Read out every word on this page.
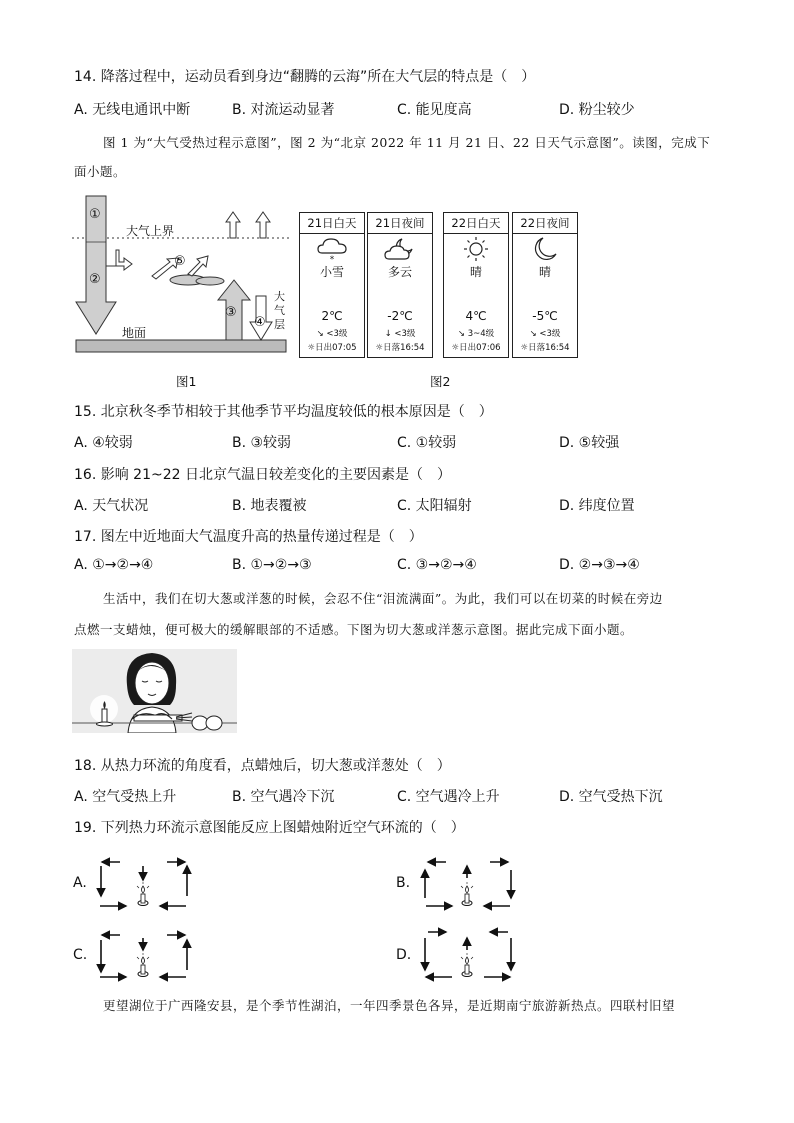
14. 降落过程中，运动员看到身边“翻腾的云海”所在大气层的特点是（　）
A. 无线电通讯中断	B. 对流运动显著	C. 能见度高	D. 粉尘较少
图 1 为“大气受热过程示意图”，图 2 为“北京 2022 年 11 月 21 日、22 日天气示意图”。读图，完成下
面小题。
①
②
③
④
⑤
大气上界
地面
大气层
图1
21日白天
*
小雪
2℃
↘ <3级
☼日出07:05
21日夜间
多云
-2℃
↓ <3级
☼日落16:54
22日白天
晴
4℃
↘ 3~4级
☼日出07:06
22日夜间
晴
-5℃
↘ <3级
☼日落16:54
图2
15. 北京秋冬季节相较于其他季节平均温度较低的根本原因是（　）
A. ④较弱	B. ③较弱	C. ①较弱	D. ⑤较强
16. 影响 21~22 日北京气温日较差变化的主要因素是（　）
A. 天气状况	B. 地表覆被	C. 太阳辐射	D. 纬度位置
17. 图左中近地面大气温度升高的热量传递过程是（　）
A. ①→②→④	B. ①→②→③	C. ③→②→④	D. ②→③→④
生活中，我们在切大葱或洋葱的时候，会忍不住“泪流满面”。为此，我们可以在切菜的时候在旁边
点燃一支蜡烛，便可极大的缓解眼部的不适感。下图为切大葱或洋葱示意图。据此完成下面小题。
18. 从热力环流的角度看，点蜡烛后，切大葱或洋葱处（　）
A. 空气受热上升	B. 空气遇冷下沉	C. 空气遇冷上升	D. 空气受热下沉
19. 下列热力环流示意图能反应上图蜡烛附近空气环流的（　）
A.	B.
C.	D.
更望湖位于广西隆安县，是个季节性湖泊，一年四季景色各异，是近期南宁旅游新热点。四联村旧望
